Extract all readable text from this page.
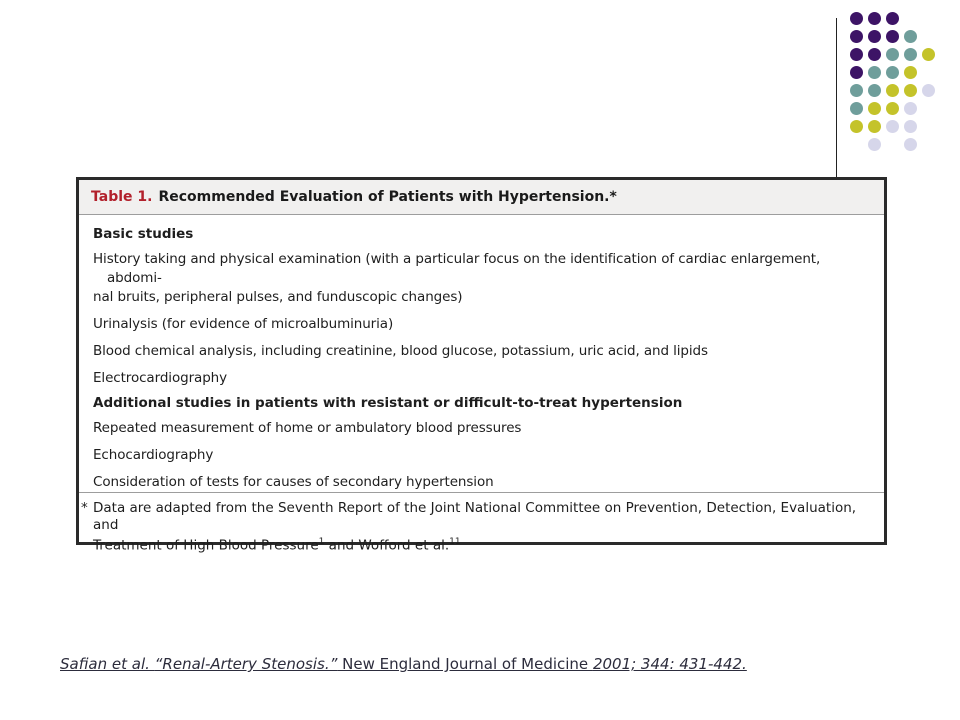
Table 1. Recommended Evaluation of Patients with Hypertension.*
Basic studies
History taking and physical examination (with a particular focus on the identification of cardiac enlargement, abdomi-
nal bruits, peripheral pulses, and funduscopic changes)
Urinalysis (for evidence of microalbuminuria)
Blood chemical analysis, including creatinine, blood glucose, potassium, uric acid, and lipids
Electrocardiography
Additional studies in patients with resistant or difficult-to-treat hypertension
Repeated measurement of home or ambulatory blood pressures
Echocardiography
Consideration of tests for causes of secondary hypertension
* Data are adapted from the Seventh Report of the Joint National Committee on Prevention, Detection, Evaluation, and
Treatment of High Blood Pressure$^1$ and Wofford et al.$^{11}$
Safian et al. “Renal-Artery Stenosis.” New England Journal of Medicine 2001; 344: 431-442.
